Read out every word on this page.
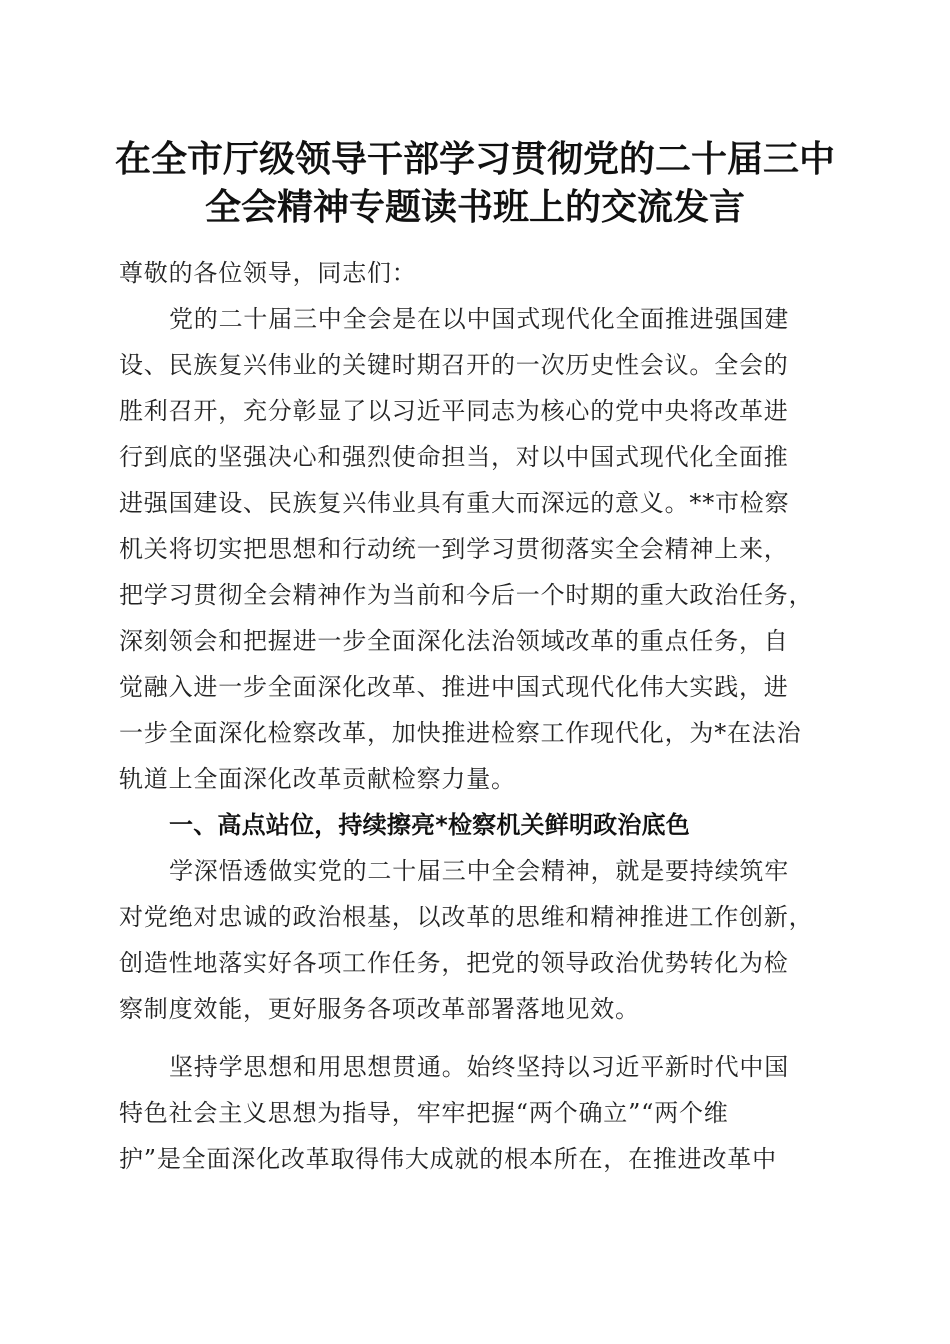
在全市厅级领导干部学习贯彻党的二十届三中
全会精神专题读书班上的交流发言
尊敬的各位领导，同志们：
党的二十届三中全会是在以中国式现代化全面推进强国建
设、民族复兴伟业的关键时期召开的一次历史性会议。全会的
胜利召开，充分彰显了以习近平同志为核心的党中央将改革进
行到底的坚强决心和强烈使命担当，对以中国式现代化全面推
进强国建设、民族复兴伟业具有重大而深远的意义。**市检察
机关将切实把思想和行动统一到学习贯彻落实全会精神上来，
把学习贯彻全会精神作为当前和今后一个时期的重大政治任务，
深刻领会和把握进一步全面深化法治领域改革的重点任务，自
觉融入进一步全面深化改革、推进中国式现代化伟大实践，进
一步全面深化检察改革，加快推进检察工作现代化，为*在法治
轨道上全面深化改革贡献检察力量。
一、高点站位，持续擦亮*检察机关鲜明政治底色
学深悟透做实党的二十届三中全会精神，就是要持续筑牢
对党绝对忠诚的政治根基，以改革的思维和精神推进工作创新，
创造性地落实好各项工作任务，把党的领导政治优势转化为检
察制度效能，更好服务各项改革部署落地见效。
坚持学思想和用思想贯通。始终坚持以习近平新时代中国
特色社会主义思想为指导，牢牢把握“两个确立”“两个维
护”是全面深化改革取得伟大成就的根本所在，在推进改革中
